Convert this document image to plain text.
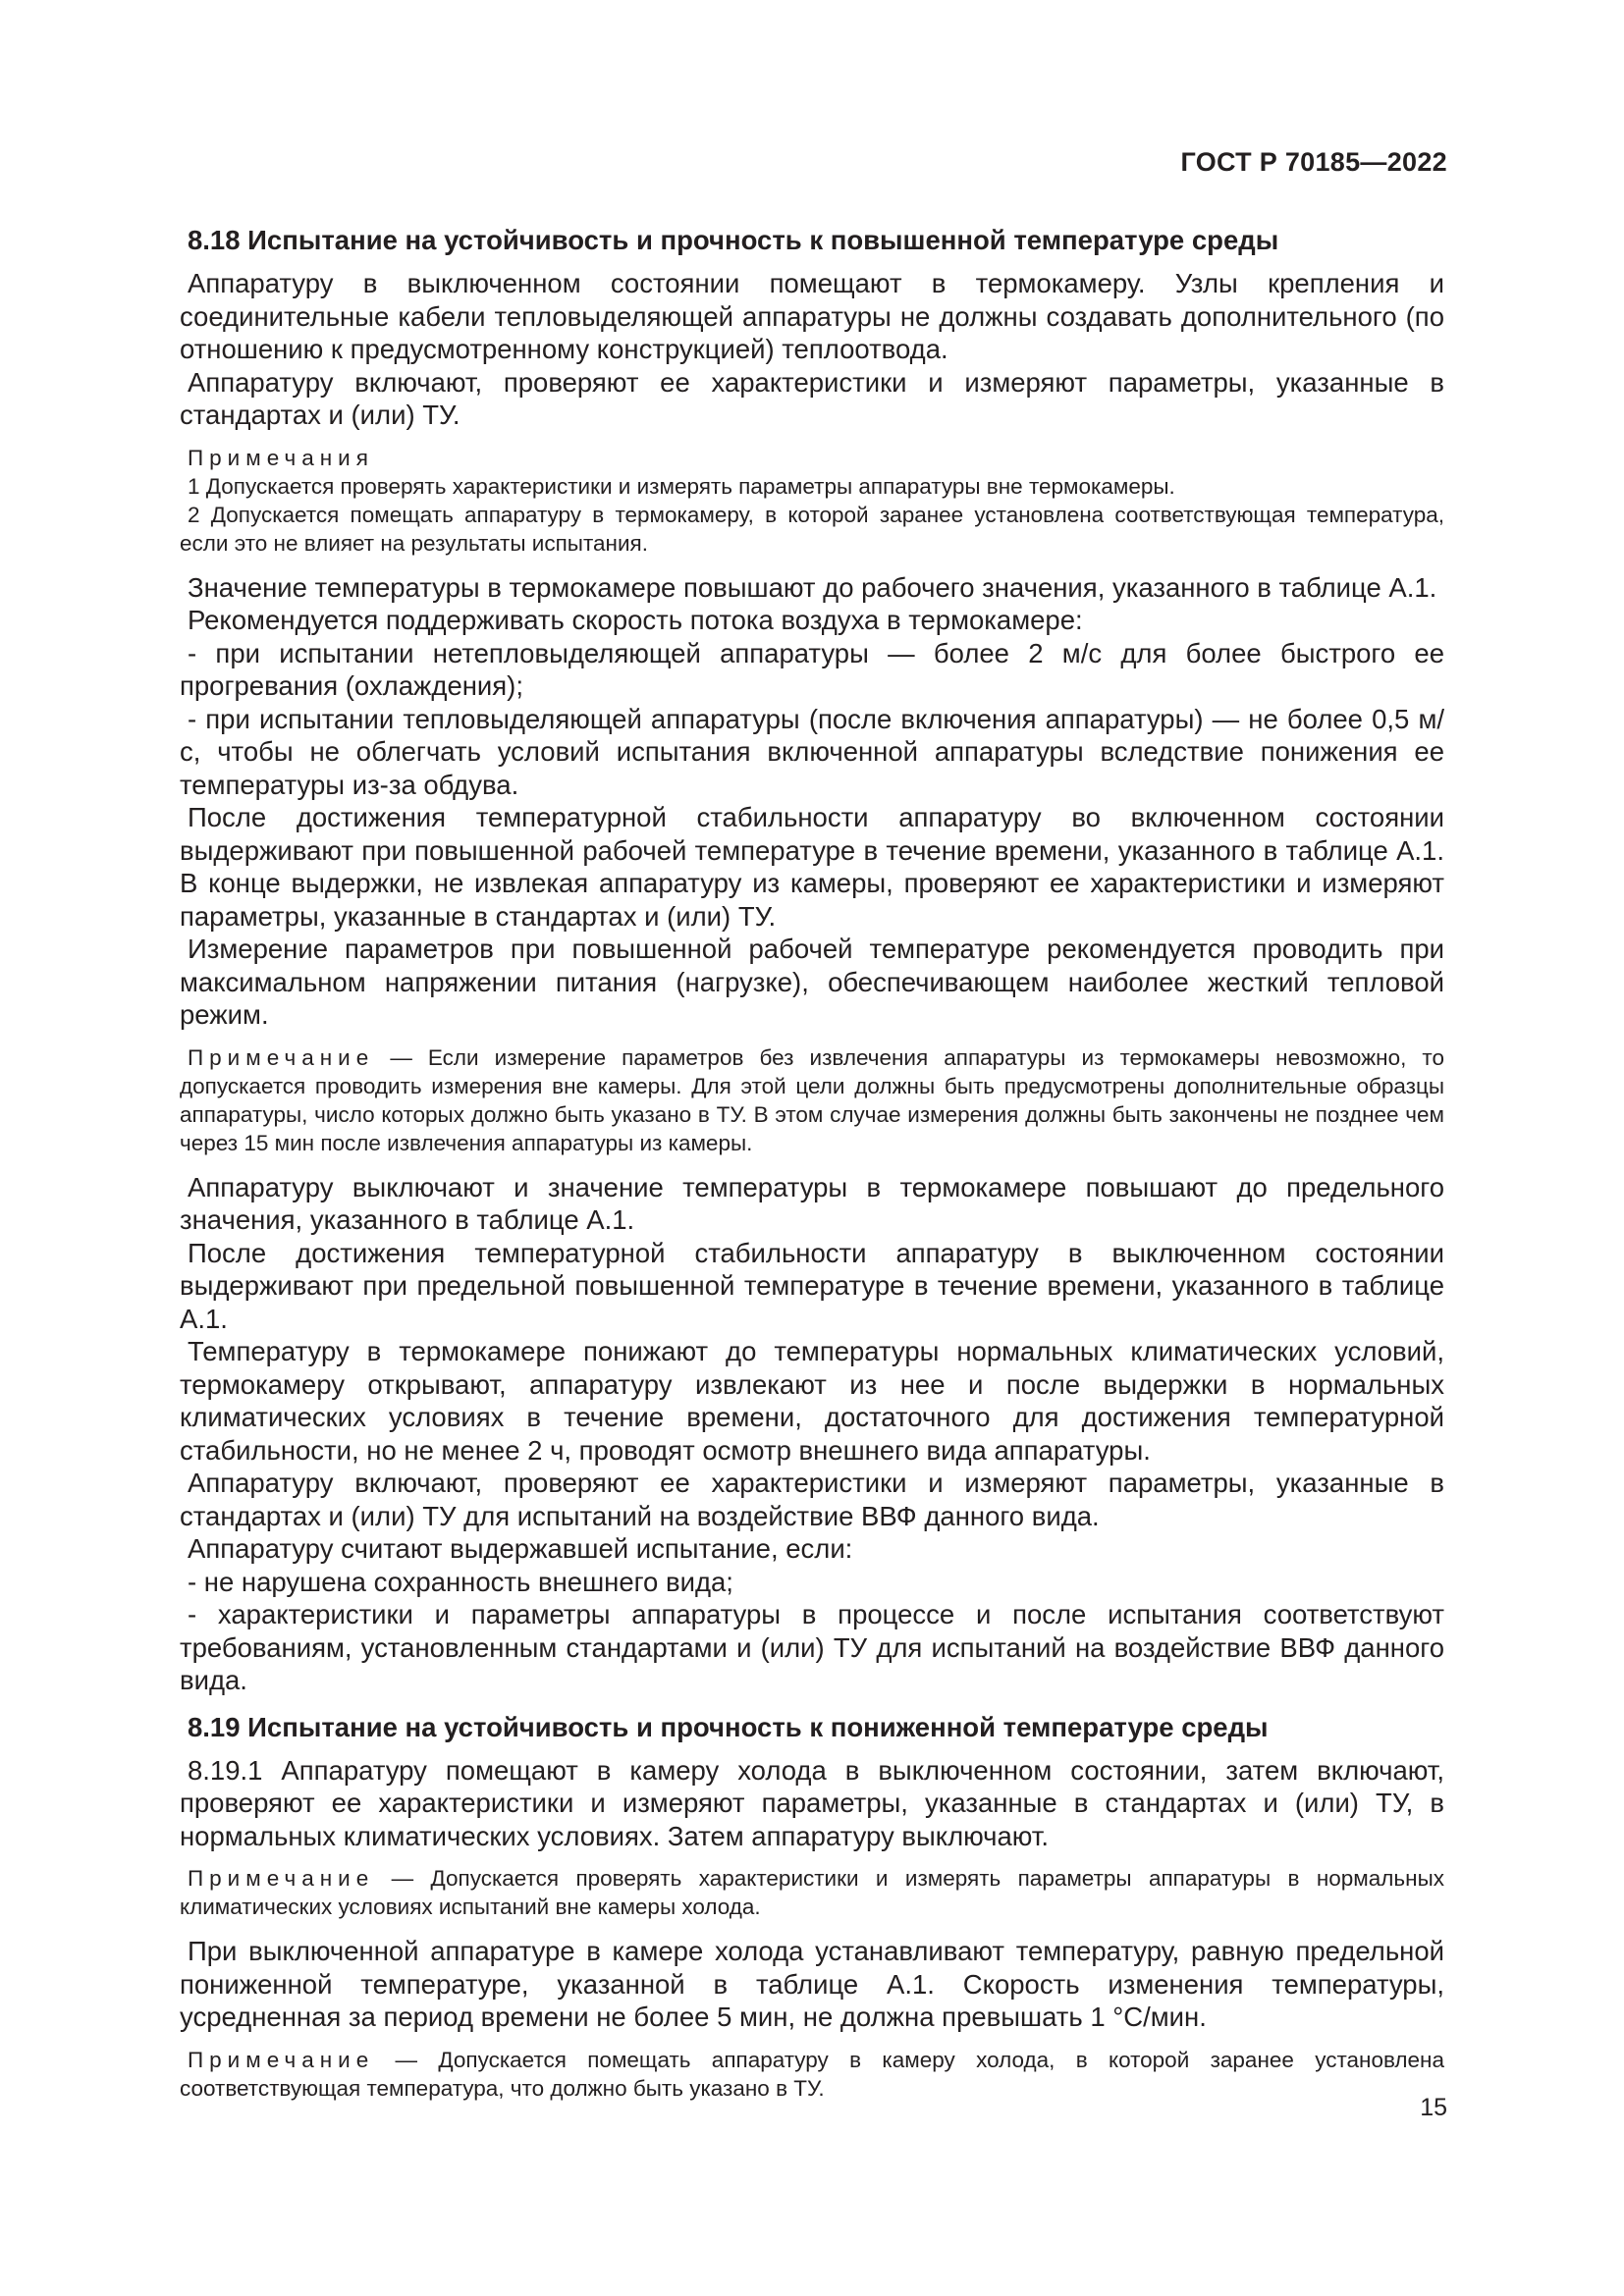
ГОСТ Р 70185—2022
8.18 Испытание на устойчивость и прочность к повышенной температуре среды

Аппаратуру в выключенном состоянии помещают в термокамеру. Узлы крепления и соединительные кабели тепловыделяющей аппаратуры не должны создавать дополнительного (по отношению к предусмотренному конструкцией) теплоотвода.

Аппаратуру включают, проверяют ее характеристики и измеряют параметры, указанные в стандартах и (или) ТУ.

Примечания
1 Допускается проверять характеристики и измерять параметры аппаратуры вне термокамеры.
2 Допускается помещать аппаратуру в термокамеру, в которой заранее установлена соответствующая температура, если это не влияет на результаты испытания.

Значение температуры в термокамере повышают до рабочего значения, указанного в таблице А.1.

Рекомендуется поддерживать скорость потока воздуха в термокамере:

- при испытании нетепловыделяющей аппаратуры — более 2 м/с для более быстрого ее прогревания (охлаждения);

- при испытании тепловыделяющей аппаратуры (после включения аппаратуры) — не более 0,5 м/с, чтобы не облегчать условий испытания включенной аппаратуры вследствие понижения ее температуры из-за обдува.

После достижения температурной стабильности аппаратуру во включенном состоянии выдерживают при повышенной рабочей температуре в течение времени, указанного в таблице А.1. В конце выдержки, не извлекая аппаратуру из камеры, проверяют ее характеристики и измеряют параметры, указанные в стандартах и (или) ТУ.

Измерение параметров при повышенной рабочей температуре рекомендуется проводить при максимальном напряжении питания (нагрузке), обеспечивающем наиболее жесткий тепловой режим.

Примечание — Если измерение параметров без извлечения аппаратуры из термокамеры невозможно, то допускается проводить измерения вне камеры. Для этой цели должны быть предусмотрены дополнительные образцы аппаратуры, число которых должно быть указано в ТУ. В этом случае измерения должны быть закончены не позднее чем через 15 мин после извлечения аппаратуры из камеры.

Аппаратуру выключают и значение температуры в термокамере повышают до предельного значения, указанного в таблице А.1.

После достижения температурной стабильности аппаратуру в выключенном состоянии выдерживают при предельной повышенной температуре в течение времени, указанного в таблице А.1.

Температуру в термокамере понижают до температуры нормальных климатических условий, термокамеру открывают, аппаратуру извлекают из нее и после выдержки в нормальных климатических условиях в течение времени, достаточного для достижения температурной стабильности, но не менее 2 ч, проводят осмотр внешнего вида аппаратуры.

Аппаратуру включают, проверяют ее характеристики и измеряют параметры, указанные в стандартах и (или) ТУ для испытаний на воздействие ВВФ данного вида.

Аппаратуру считают выдержавшей испытание, если:

- не нарушена сохранность внешнего вида;

- характеристики и параметры аппаратуры в процессе и после испытания соответствуют требованиям, установленным стандартами и (или) ТУ для испытаний на воздействие ВВФ данного вида.

8.19 Испытание на устойчивость и прочность к пониженной температуре среды

8.19.1 Аппаратуру помещают в камеру холода в выключенном состоянии, затем включают, проверяют ее характеристики и измеряют параметры, указанные в стандартах и (или) ТУ, в нормальных климатических условиях. Затем аппаратуру выключают.

Примечание — Допускается проверять характеристики и измерять параметры аппаратуры в нормальных климатических условиях испытаний вне камеры холода.

При выключенной аппаратуре в камере холода устанавливают температуру, равную предельной пониженной температуре, указанной в таблице А.1. Скорость изменения температуры, усредненная за период времени не более 5 мин, не должна превышать 1 °С/мин.

Примечание — Допускается помещать аппаратуру в камеру холода, в которой заранее установлена соответствующая температура, что должно быть указано в ТУ.
15
